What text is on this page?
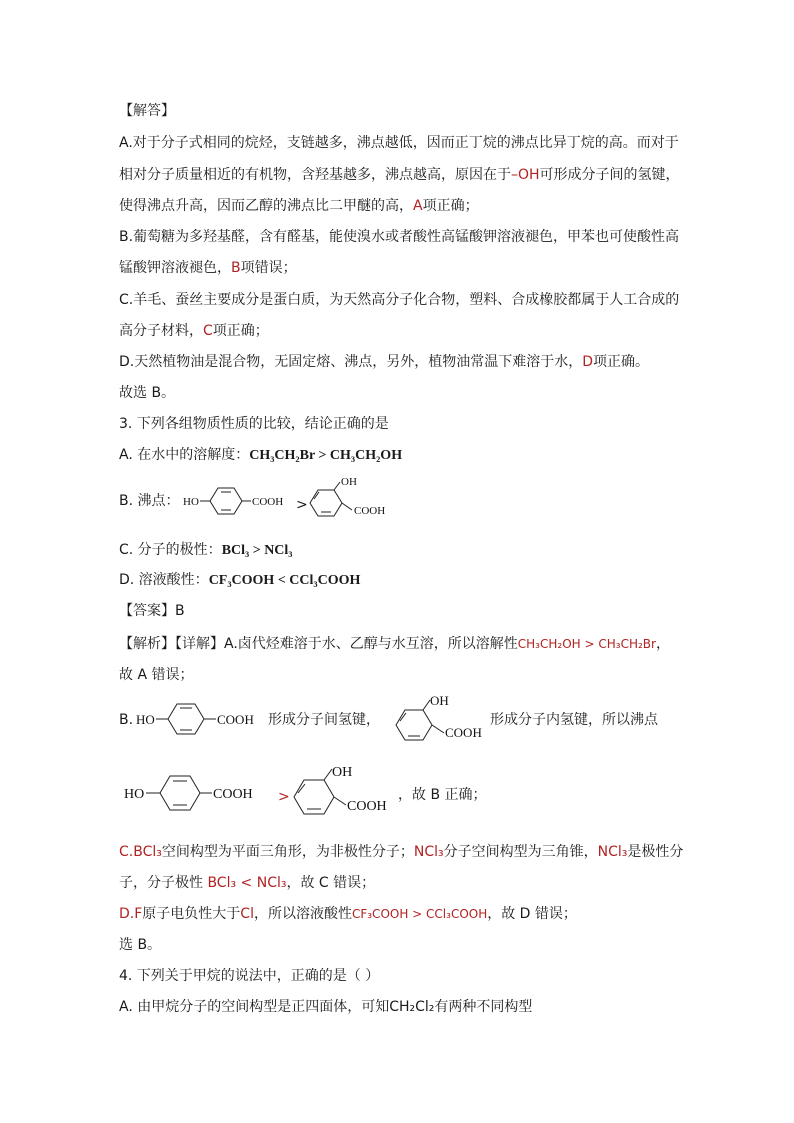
【解答】
A.对于分子式相同的烷烃，支链越多，沸点越低，因而正丁烷的沸点比异丁烷的高。而对于
相对分子质量相近的有机物，含羟基越多，沸点越高，原因在于–OH可形成分子间的氢键，
使得沸点升高，因而乙醇的沸点比二甲醚的高，A项正确；
B.葡萄糖为多羟基醛，含有醛基，能使溴水或者酸性高锰酸钾溶液褪色，甲苯也可使酸性高
锰酸钾溶液褪色，B项错误；
C.羊毛、蚕丝主要成分是蛋白质，为天然高分子化合物，塑料、合成橡胶都属于人工合成的
高分子材料，C项正确；
D.天然植物油是混合物，无固定熔、沸点，另外，植物油常温下难溶于水，D项正确。
故选 B。
3. 下列各组物质性质的比较，结论正确的是
A. 在水中的溶解度：CH₃CH₂Br > CH₃CH₂OH
B. 沸点： HO	COOH >
OH
COOH
C. 分子的极性：BCl₃ > NCl₃
D. 溶液酸性：CF₃COOH < CCl₃COOH
【答案】B
【解析】【详解】A.卤代烃难溶于水、乙醇与水互溶，所以溶解性CH₃CH₂OH > CH₃CH₂Br，
故 A 错误；
B. HO	COOH 形成分子间氢键，
OH
COOH
形成分子内氢键，所以沸点
HO	COOH >
OH
COOH
，故 B 正确；
C.BCl₃空间构型为平面三角形，为非极性分子；NCl₃分子空间构型为三角锥，NCl₃是极性分
子，分子极性 BCl₃ < NCl₃，故 C 错误；
D.F原子电负性大于Cl，所以溶液酸性CF₃COOH > CCl₃COOH，故 D 错误；
选 B。
4. 下列关于甲烷的说法中，正确的是（ ）
A. 由甲烷分子的空间构型是正四面体，可知CH₂Cl₂有两种不同构型
